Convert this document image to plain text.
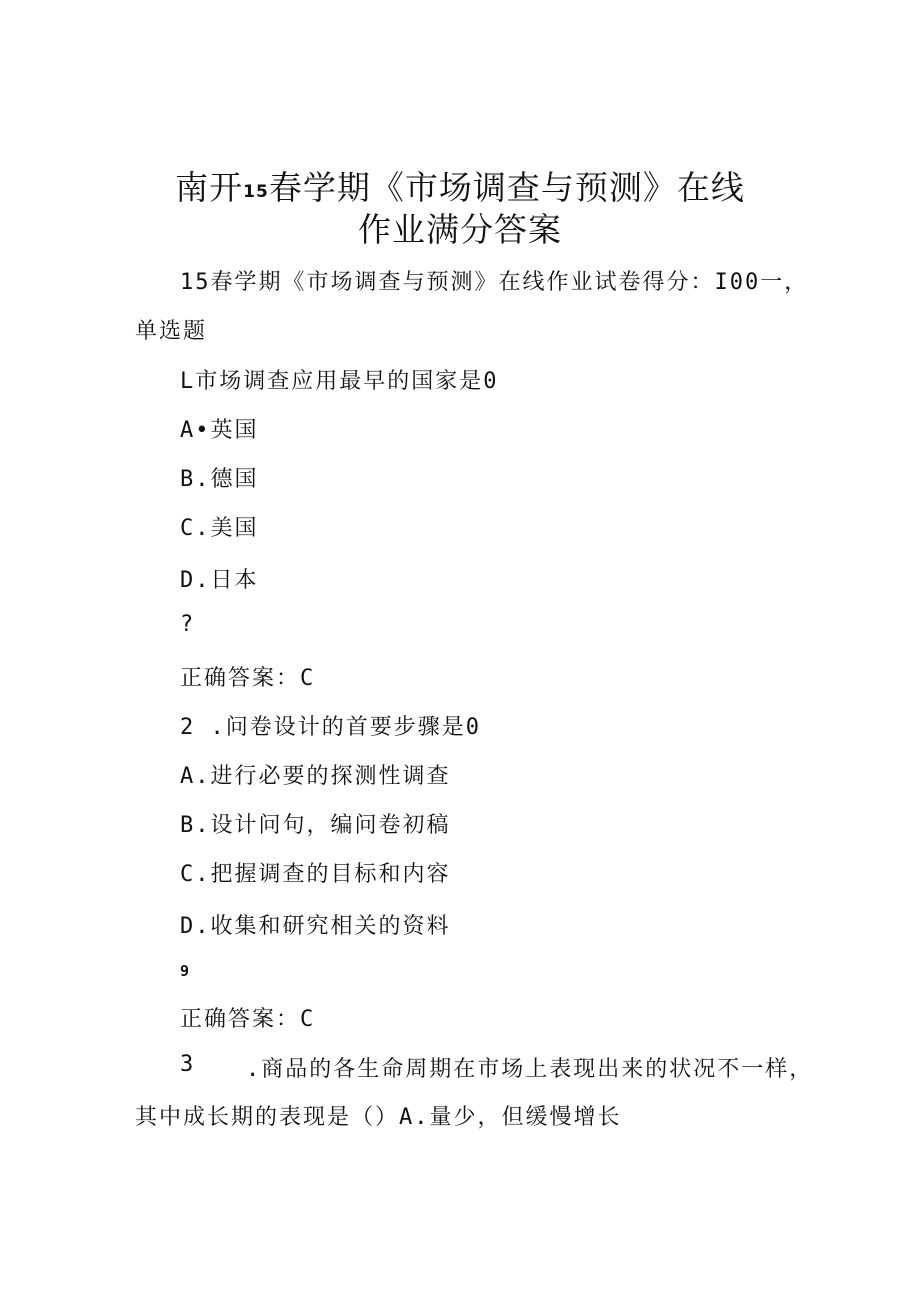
南开15春学期《市场调查与预测》在线
作业满分答案
15春学期《市场调查与预测》在线作业试卷得分：I00一，
单选题
L市场调查应用最早的国家是0
A•英国
B.德国
C.美国
D.日本
?
正确答案：C
2 .问卷设计的首要步骤是0
A.进行必要的探测性调查
B.设计问句，编问卷初稿
C.把握调查的目标和内容
D.收集和研究相关的资料
9
正确答案：C
3 .商品的各生命周期在市场上表现出来的状况不一样，
其中成长期的表现是（）A.量少，但缓慢增长
